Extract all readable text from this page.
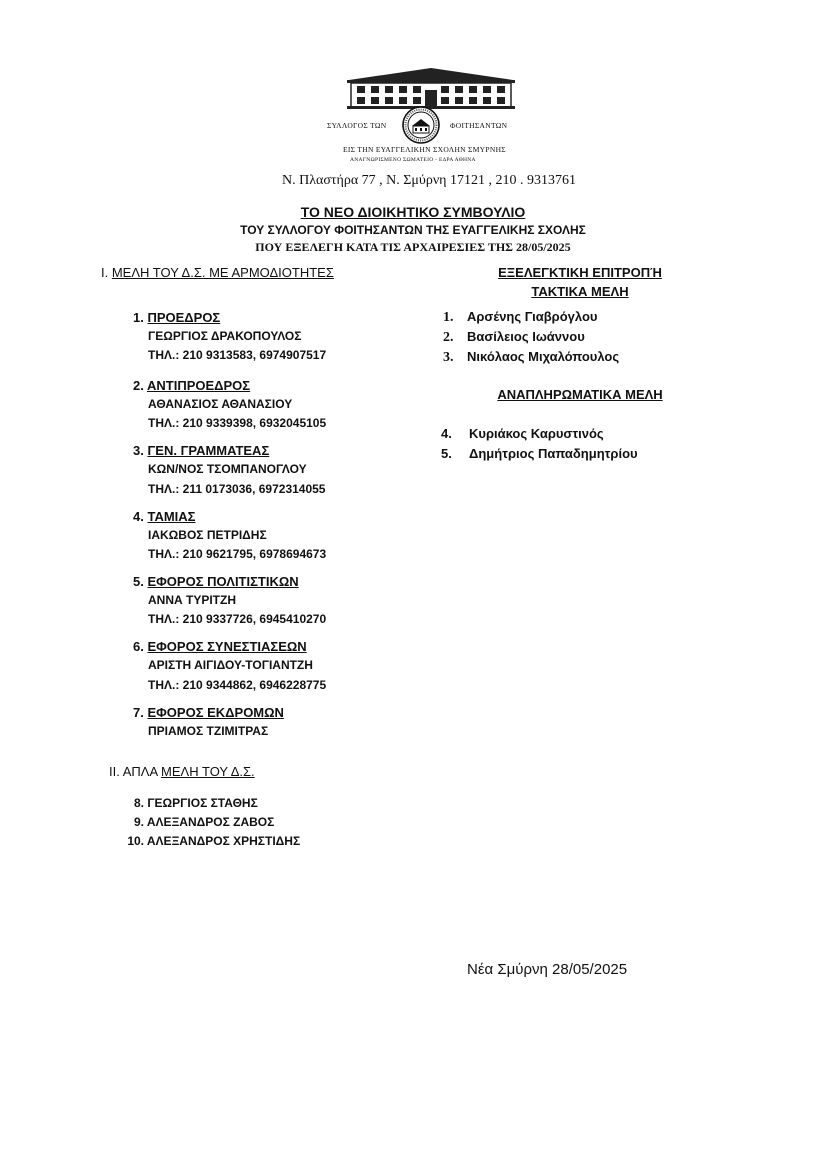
ΣΥΛΛΟΓΟΣ ΤΩΝ	ΦΟΙΤΗΣΑΝΤΩΝ
ΕΙΣ ΤΗΝ ΕΥΑΓΓΕΛΙΚΗΝ ΣΧΟΛΗΝ ΣΜΥΡΝΗΣ
ΑΝΑΓΝΩΡΙΣΜΕΝΟ ΣΩΜΑΤΕΙΟ - ΕΔΡΑ ΑΘΗΝΑ
Ν. Πλαστήρα 77 , Ν. Σμύρνη 17121 , 210 . 9313761
ΤΟ ΝΕΟ ΔΙΟΙΚΗΤΙΚΟ ΣΥΜΒΟΥΛΙΟ
ΤΟΥ ΣΥΛΛΟΓΟΥ ΦΟΙΤΗΣΑΝΤΩΝ ΤΗΣ ΕΥΑΓΓΕΛΙΚΗΣ ΣΧΟΛΗΣ
ΠΟΥ ΕΞΕΛΕΓΗ ΚΑΤΑ ΤΙΣ ΑΡΧΑΙΡΕΣΙΕΣ ΤΗΣ 28/05/2025
Ι. ΜΕΛΗ ΤΟΥ Δ.Σ. ΜΕ ΑΡΜΟΔΙΟΤΗΤΕΣ
1. ΠΡΟΕΔΡΟΣ
ΓΕΩΡΓΙΟΣ ΔΡΑΚΟΠΟΥΛΟΣ
ΤΗΛ.: 210 9313583, 6974907517
2. ΑΝΤΙΠΡΟΕΔΡΟΣ
ΑΘΑΝΑΣΙΟΣ ΑΘΑΝΑΣΙΟΥ
ΤΗΛ.: 210 9339398, 6932045105
3. ΓΕΝ. ΓΡΑΜΜΑΤΕΑΣ
ΚΩΝ/ΝΟΣ ΤΣΟΜΠΑΝΟΓΛΟΥ
ΤΗΛ.: 211 0173036, 6972314055
4. ΤΑΜΙΑΣ
ΙΑΚΩΒΟΣ ΠΕΤΡΙΔΗΣ
ΤΗΛ.: 210 9621795, 6978694673
5. ΕΦΟΡΟΣ ΠΟΛΙΤΙΣΤΙΚΩΝ
ΑΝΝΑ ΤΥΡΙΤΖΗ
ΤΗΛ.: 210 9337726, 6945410270
6. ΕΦΟΡΟΣ ΣΥΝΕΣΤΙΑΣΕΩΝ
ΑΡΙΣΤΗ ΑΙΓΙΔΟΥ-ΤΟΓΙΑΝΤΖΗ
ΤΗΛ.: 210 9344862, 6946228775
7. ΕΦΟΡΟΣ ΕΚΔΡΟΜΩΝ
ΠΡΙΑΜΟΣ ΤΖΙΜΙΤΡΑΣ
ΙΙ. ΑΠΛΑ ΜΕΛΗ ΤΟΥ Δ.Σ.
8. ΓΕΩΡΓΙΟΣ ΣΤΑΘΗΣ
9. ΑΛΕΞΑΝΔΡΟΣ ΖΑΒΟΣ
10. ΑΛΕΞΑΝΔΡΟΣ ΧΡΗΣΤΙΔΗΣ
ΕΞΕΛΕΓΚΤΙΚΗ ΕΠΙΤΡΟΠΉ
ΤΑΚΤΙΚΑ ΜΕΛΗ
1. Αρσένης Γιαβρόγλου
2. Βασίλειος Ιωάννου
3. Νικόλαος Μιχαλόπουλος
ΑΝΑΠΛΗΡΩΜΑΤΙΚΑ ΜΕΛΗ
4. Κυριάκος Καρυστινός
5. Δημήτριος Παπαδημητρίου
Νέα Σμύρνη 28/05/2025
